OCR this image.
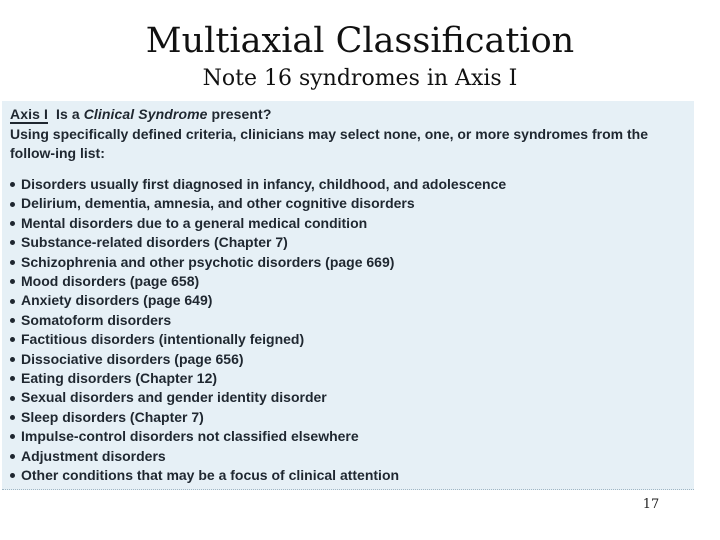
Multiaxial Classification
Note 16 syndromes in Axis I
Axis I Is a Clinical Syndrome present?
Using specifically defined criteria, clinicians may select none, one, or more syndromes from the follow-ing list:
Disorders usually first diagnosed in infancy, childhood, and adolescence
Delirium, dementia, amnesia, and other cognitive disorders
Mental disorders due to a general medical condition
Substance-related disorders (Chapter 7)
Schizophrenia and other psychotic disorders (page 669)
Mood disorders (page 658)
Anxiety disorders (page 649)
Somatoform disorders
Factitious disorders (intentionally feigned)
Dissociative disorders (page 656)
Eating disorders (Chapter 12)
Sexual disorders and gender identity disorder
Sleep disorders (Chapter 7)
Impulse-control disorders not classified elsewhere
Adjustment disorders
Other conditions that may be a focus of clinical attention
17
